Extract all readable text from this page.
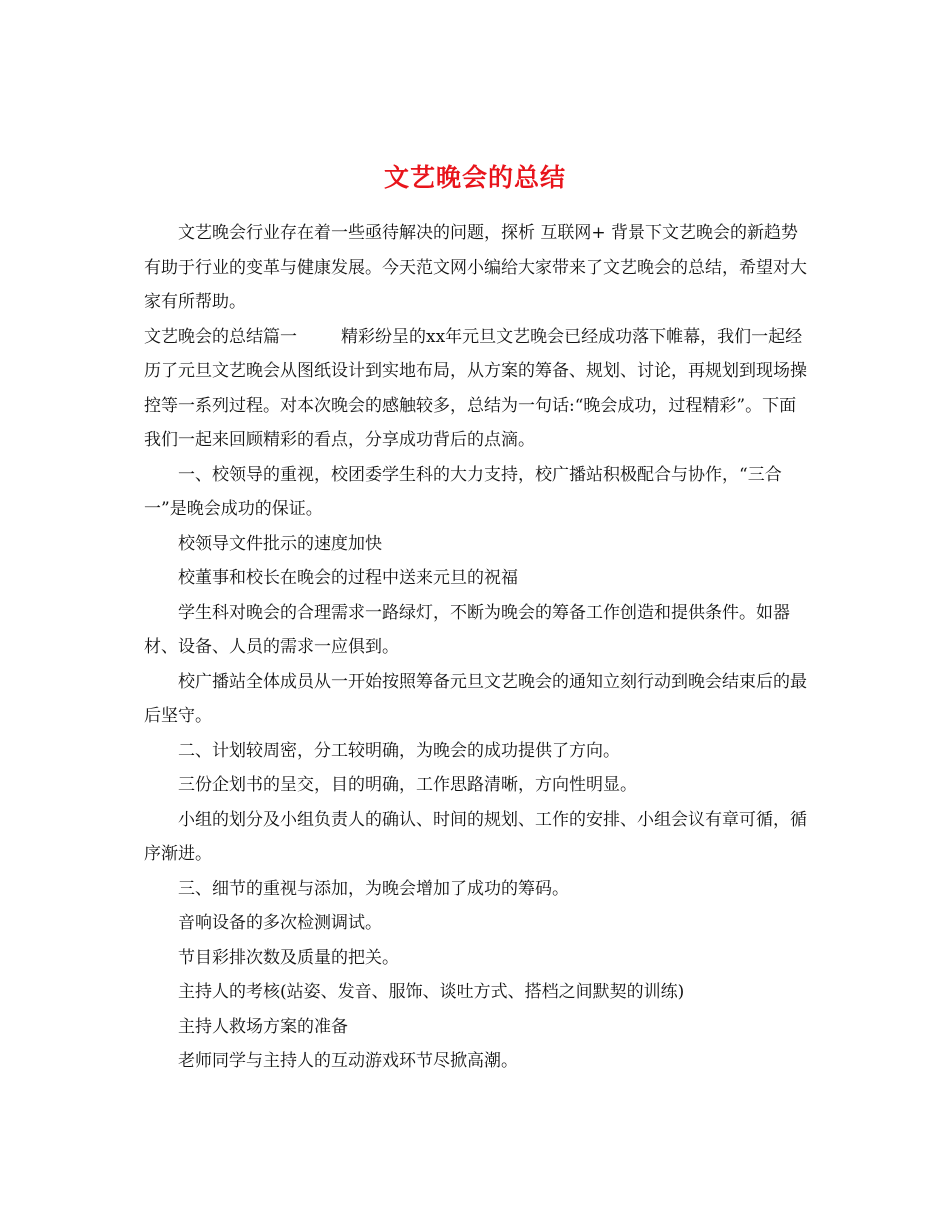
文艺晚会的总结

文艺晚会行业存在着一些亟待解决的问题，探析 互联网+ 背景下文艺晚会的新趋势有助于行业的变革与健康发展。今天范文网小编给大家带来了文艺晚会的总结，希望对大家有所帮助。

文艺晚会的总结篇一	精彩纷呈的xx年元旦文艺晚会已经成功落下帷幕，我们一起经历了元旦文艺晚会从图纸设计到实地布局，从方案的筹备、规划、讨论，再规划到现场操控等一系列过程。对本次晚会的感触较多，总结为一句话:“晚会成功，过程精彩”。下面我们一起来回顾精彩的看点，分享成功背后的点滴。

一、校领导的重视，校团委学生科的大力支持，校广播站积极配合与协作，“三合一”是晚会成功的保证。

校领导文件批示的速度加快

校董事和校长在晚会的过程中送来元旦的祝福

学生科对晚会的合理需求一路绿灯，不断为晚会的筹备工作创造和提供条件。如器材、设备、人员的需求一应俱到。

校广播站全体成员从一开始按照筹备元旦文艺晚会的通知立刻行动到晚会结束后的最后坚守。

二、计划较周密，分工较明确，为晚会的成功提供了方向。

三份企划书的呈交，目的明确，工作思路清晰，方向性明显。

小组的划分及小组负责人的确认、时间的规划、工作的安排、小组会议有章可循，循序渐进。

三、细节的重视与添加，为晚会增加了成功的筹码。

音响设备的多次检测调试。

节目彩排次数及质量的把关。

主持人的考核(站姿、发音、服饰、谈吐方式、搭档之间默契的训练)

主持人救场方案的准备

老师同学与主持人的互动游戏环节尽掀高潮。
